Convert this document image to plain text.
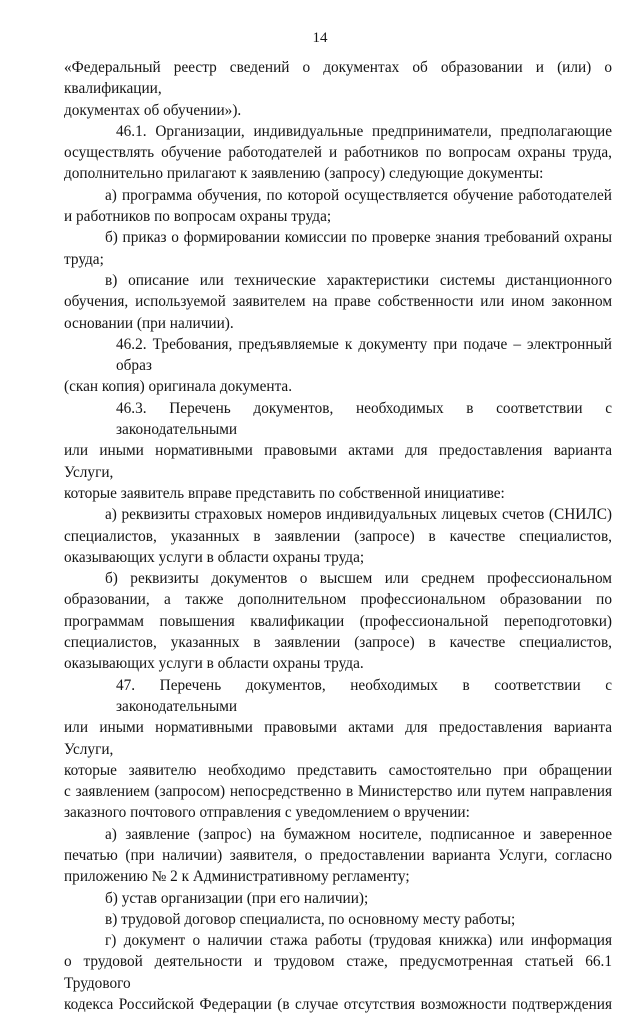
14
«Федеральный реестр сведений о документах об образовании и (или) о квалификации,
документах об обучении»).
46.1. Организации, индивидуальные предприниматели, предполагающие
осуществлять обучение работодателей и работников по вопросам охраны труда,
дополнительно прилагают к заявлению (запросу) следующие документы:
а) программа обучения, по которой осуществляется обучение работодателей
и работников по вопросам охраны труда;
б) приказ о формировании комиссии по проверке знания требований охраны
труда;
в) описание или технические характеристики системы дистанционного
обучения, используемой заявителем на праве собственности или ином законном
основании (при наличии).
46.2. Требования, предъявляемые к документу при подаче – электронный образ
(скан копия) оригинала документа.
46.3. Перечень документов, необходимых в соответствии с законодательными
или иными нормативными правовыми актами для предоставления варианта Услуги,
которые заявитель вправе представить по собственной инициативе:
а) реквизиты страховых номеров индивидуальных лицевых счетов (СНИЛС)
специалистов, указанных в заявлении (запросе) в качестве специалистов,
оказывающих услуги в области охраны труда;
б) реквизиты документов о высшем или среднем профессиональном
образовании, а также дополнительном профессиональном образовании по
программам повышения квалификации (профессиональной переподготовки)
специалистов, указанных в заявлении (запросе) в качестве специалистов,
оказывающих услуги в области охраны труда.
47. Перечень документов, необходимых в соответствии с законодательными
или иными нормативными правовыми актами для предоставления варианта Услуги,
которые заявителю необходимо представить самостоятельно при обращении
с заявлением (запросом) непосредственно в Министерство или путем направления
заказного почтового отправления с уведомлением о вручении:
а) заявление (запрос) на бумажном носителе, подписанное и заверенное
печатью (при наличии) заявителя, о предоставлении варианта Услуги, согласно
приложению № 2 к Административному регламенту;
б) устав организации (при его наличии);
в) трудовой договор специалиста, по основному месту работы;
г) документ о наличии стажа работы (трудовая книжка) или информация
о трудовой деятельности и трудовом стаже, предусмотренная статьей 66.1 Трудового
кодекса Российской Федерации (в случае отсутствия возможности подтверждения
